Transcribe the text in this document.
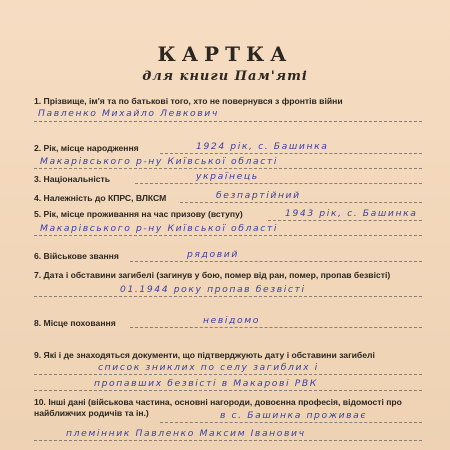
КАРТКА
для книги Пам'яті
1. Прізвище, ім'я та по батькові того, хто не повернувся з фронтів війни
Павленко Михайло Левкович
2. Рік, місце народження	1924 рік, с. Башинка
Макарівського р-ну Київської області
3. Національність	українець
4. Належність до КПРС, ВЛКСМ	безпартійний
5. Рік, місце проживання на час призову (вступу)	1943 рік, с. Башинка
Макарівського р-ну Київської області
6. Військове звання	рядовий
7. Дата і обставини загибелі (загинув у бою, помер від ран, помер, пропав безвісті)
01.1944 року пропав безвісті
8. Місце поховання	невідомо
9. Які і де знаходяться документи, що підтверджують дату і обставини загибелі
список зниклих по селу загиблих і
пропавших безвісті в Макарові РВК
10. Інші дані (військова частина, основні нагороди, довоєнна професія, відомості про найближчих родичів та ін.)	в с. Башинка проживає
племінник Павленко Максим Іванович
